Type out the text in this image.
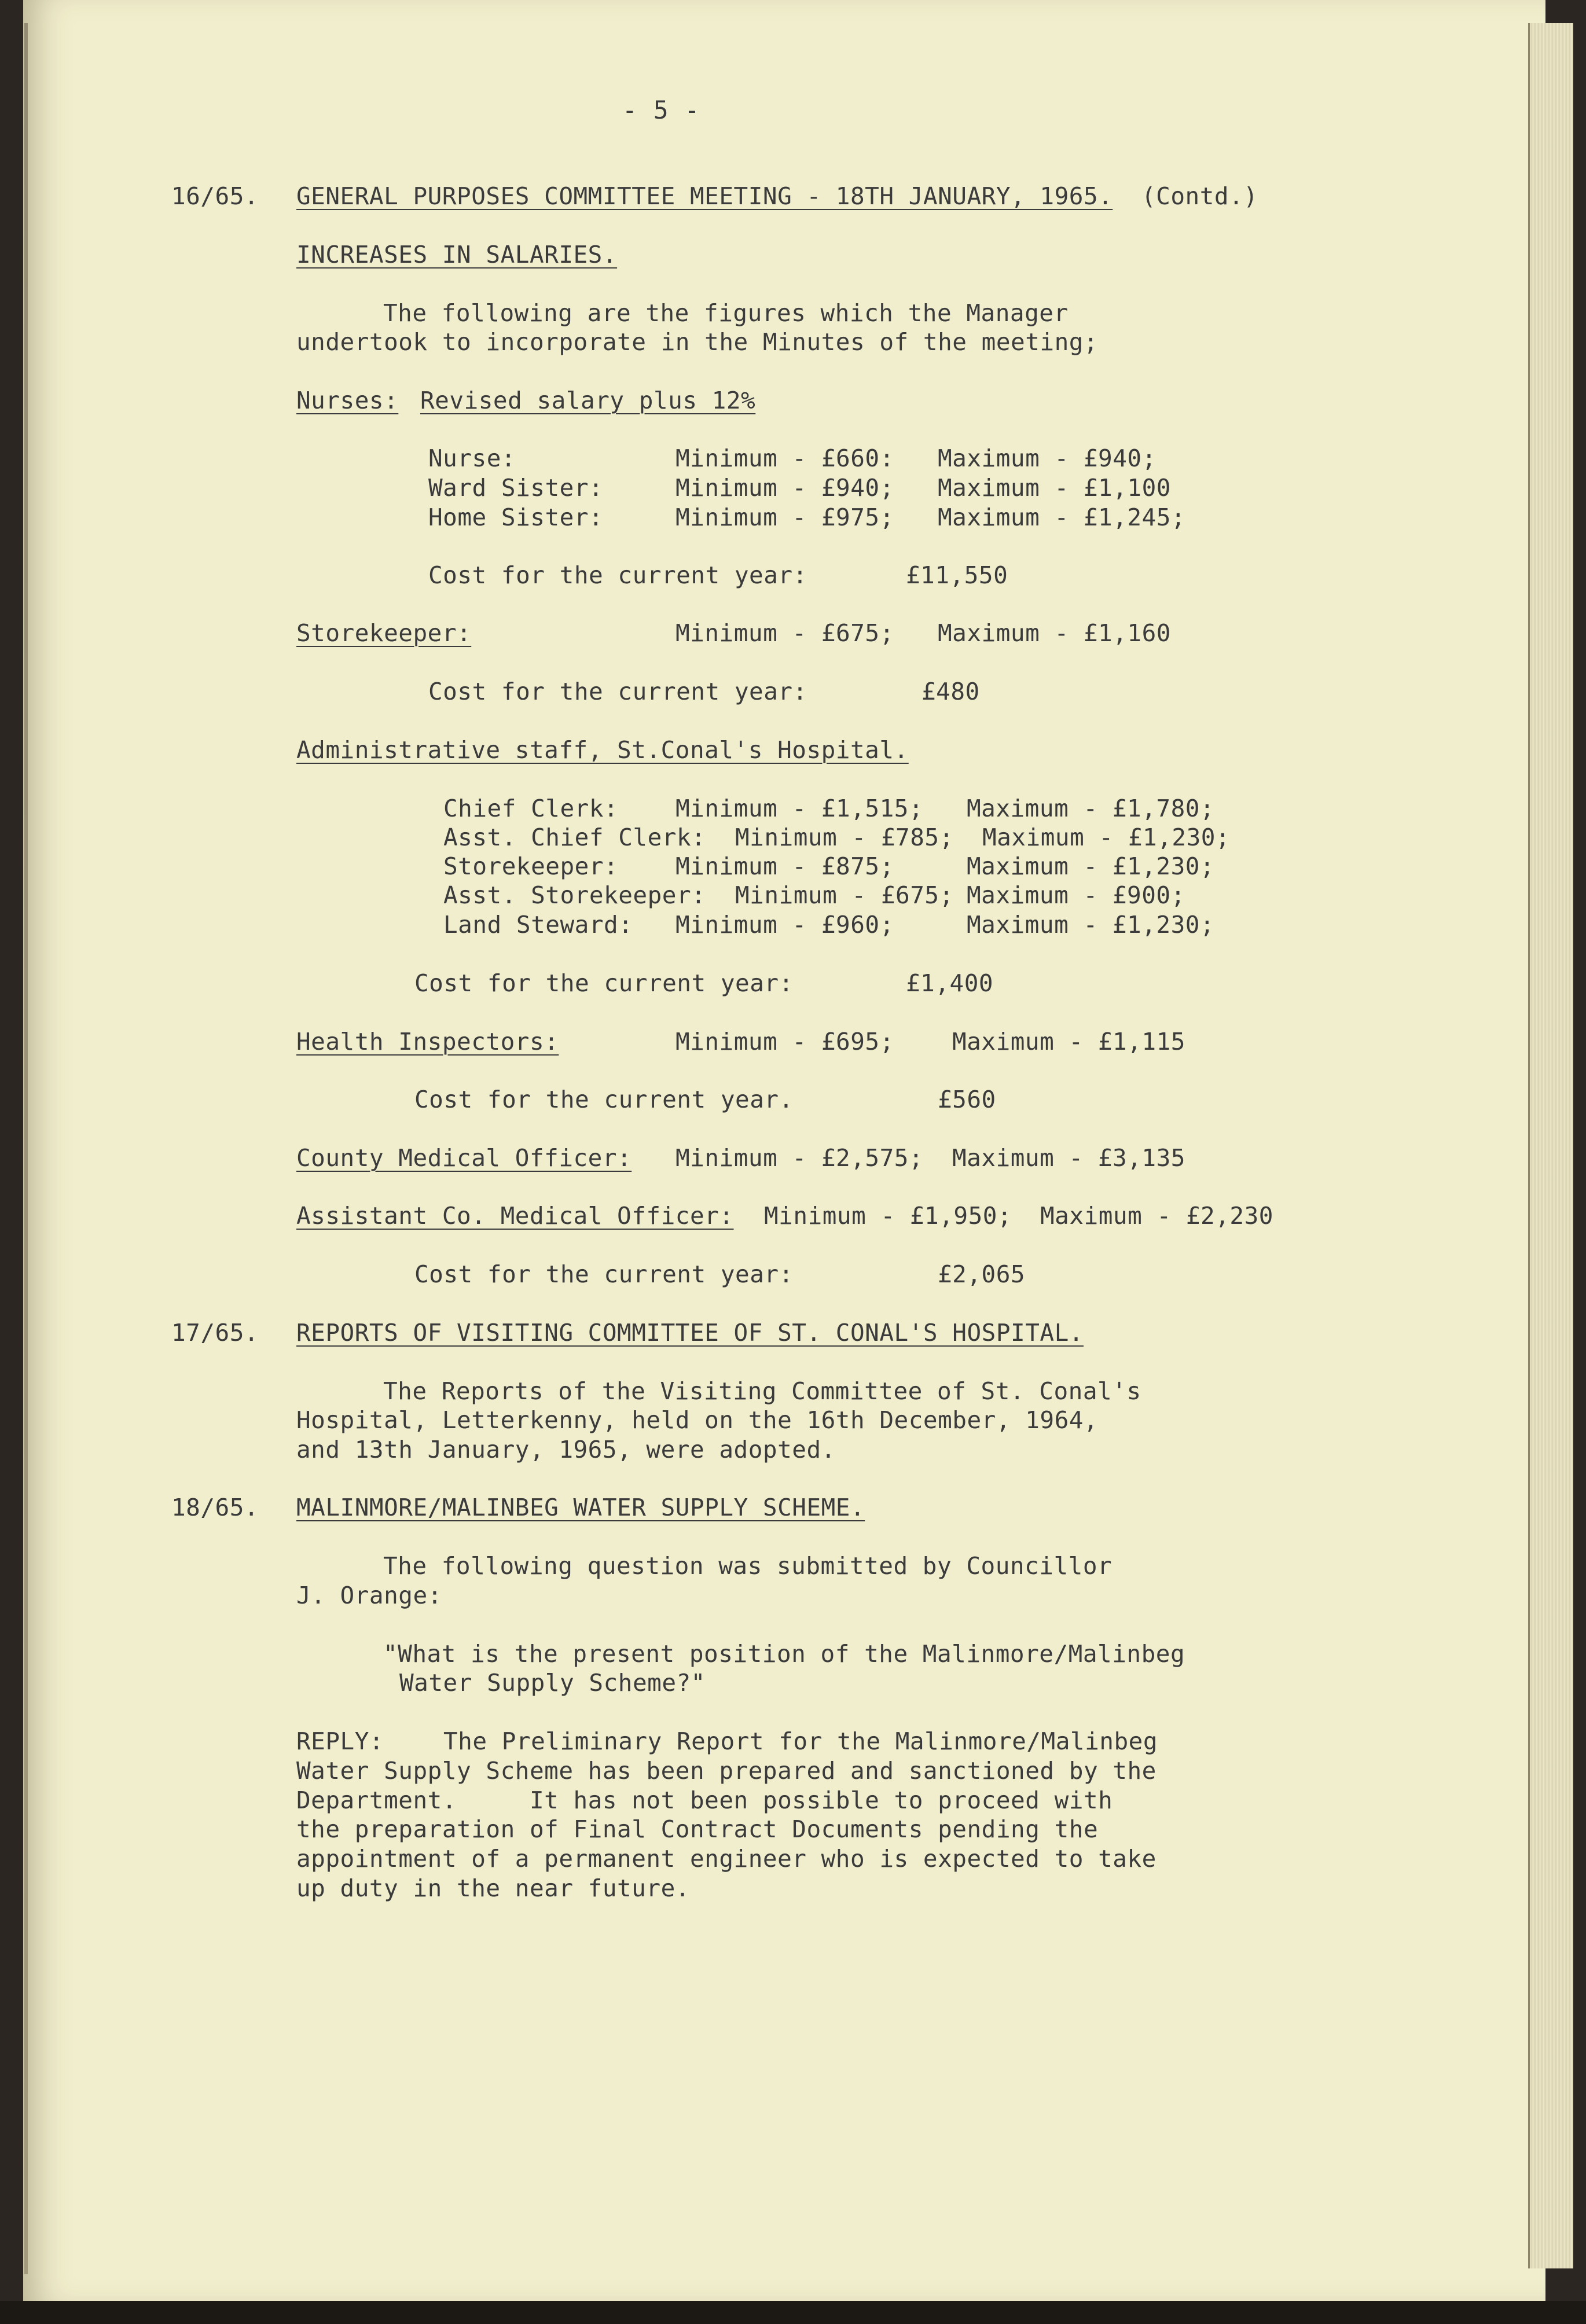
- 5 -
16/65. GENERAL PURPOSES COMMITTEE MEETING - 18TH JANUARY, 1965. (Contd.)
INCREASES IN SALARIES.
The following are the figures which the Manager
undertook to incorporate in the Minutes of the meeting;
Nurses: Revised salary plus 12%
Nurse:	Minimum - £660: Maximum - £940;
Ward Sister:	Minimum - £940; Maximum - £1,100
Home Sister:	Minimum - £975; Maximum - £1,245;
Cost for the current year:	£11,550
Storekeeper:	Minimum - £675; Maximum - £1,160
Cost for the current year:	£480
Administrative staff, St.Conal's Hospital.
Chief Clerk: Minimum - £1,515; Maximum - £1,780;
Asst. Chief Clerk: Minimum - £785; Maximum - £1,230;
Storekeeper: Minimum - £875;	Maximum - £1,230;
Asst. Storekeeper: Minimum - £675; Maximum - £900;
Land Steward: Minimum - £960;	Maximum - £1,230;
Cost for the current year:	£1,400
Health Inspectors:	Minimum - £695; Maximum - £1,115
Cost for the current year.	£560
County Medical Officer: Minimum - £2,575; Maximum - £3,135
Assistant Co. Medical Officer: Minimum - £1,950; Maximum - £2,230
Cost for the current year:	£2,065
17/65. REPORTS OF VISITING COMMITTEE OF ST. CONAL'S HOSPITAL.
The Reports of the Visiting Committee of St. Conal's
Hospital, Letterkenny, held on the 16th December, 1964,
and 13th January, 1965, were adopted.
18/65. MALINMORE/MALINBEG WATER SUPPLY SCHEME.
The following question was submitted by Councillor
J. Orange:
"What is the present position of the Malinmore/Malinbeg
Water Supply Scheme?"
REPLY:	The Preliminary Report for the Malinmore/Malinbeg
Water Supply Scheme has been prepared and sanctioned by the
Department.     It has not been possible to proceed with
the preparation of Final Contract Documents pending the
appointment of a permanent engineer who is expected to take
up duty in the near future.
